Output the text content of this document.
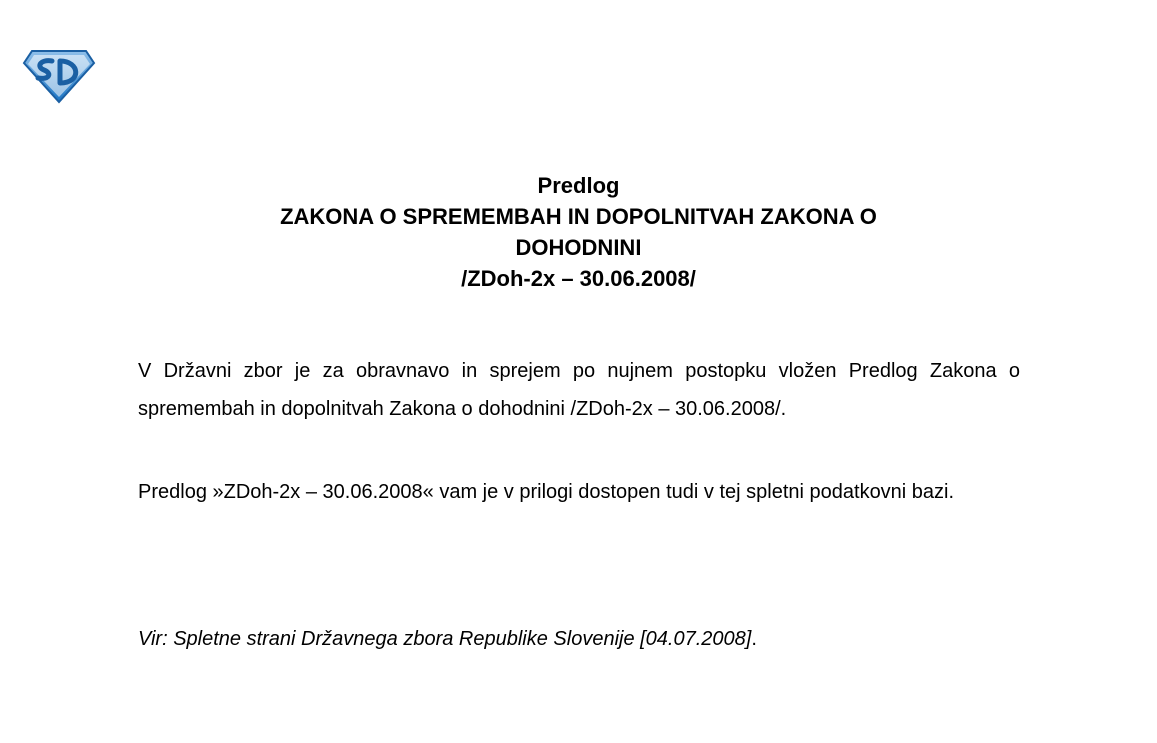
Predlog
ZAKONA O SPREMEMBAH IN DOPOLNITVAH ZAKONA O
DOHODNINI
/ZDoh-2x – 30.06.2008/

V Državni zbor je za obravnavo in sprejem po nujnem postopku vložen Predlog Zakona o spremembah in dopolnitvah Zakona o dohodnini /ZDoh-2x – 30.06.2008/.

Predlog »ZDoh-2x – 30.06.2008« vam je v prilogi dostopen tudi v tej spletni podatkovni bazi.

Vir: Spletne strani Državnega zbora Republike Slovenije [04.07.2008].
